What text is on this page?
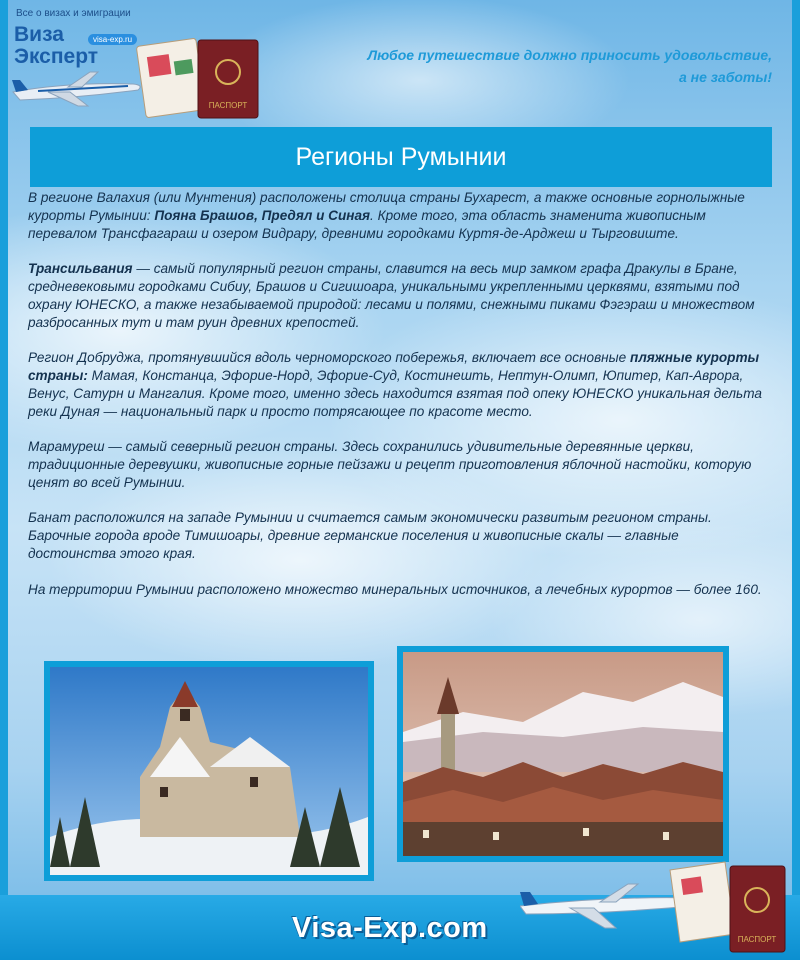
Все о визах и эмиграции
Виза
Эксперт
visa-exp.ru
ПАСПОРТ
Любое путешествие должно приносить удовольствие,
а не заботы!
Регионы Румынии

В регионе Валахия (или Мунтения) расположены столица страны Бухарест, а также основные горнолыжные курорты Румынии: Пояна Брашов, Предял и Синая. Кроме того, эта область знаменита живописным перевалом Трансфагараш и озером Видрару, древними городками Куртя-де-Арджеш и Тырговиште.

Трансильвания — самый популярный регион страны, славится на весь мир замком графа Дракулы в Бране, средневековыми городками Сибиу, Брашов и Сигишоара, уникальными укрепленными церквями, взятыми под охрану ЮНЕСКО, а также незабываемой природой: лесами и полями, снежными пиками Фэгэраш и множеством разбросанных тут и там руин древних крепостей.

Регион Добруджа, протянувшийся вдоль черноморского побережья, включает все основные пляжные курорты страны: Мамая, Констанца, Эфорие-Норд, Эфорие-Суд, Костинешть, Нептун-Олимп, Юпитер, Кап-Аврора, Венус, Сатурн и Мангалия. Кроме того, именно здесь находится взятая под опеку ЮНЕСКО уникальная дельта реки Дуная — национальный парк и просто потрясающее по красоте место.

Марамуреш — самый северный регион страны. Здесь сохранились удивительные деревянные церкви, традиционные деревушки, живописные горные пейзажи и рецепт приготовления яблочной настойки, которую ценят во всей Румынии.

Банат расположился на западе Румынии и считается самым экономически развитым регионом страны. Барочные города вроде Тимишоары, древние германские поселения и живописные скалы — главные достоинства этого края.

На территории Румынии расположено множество минеральных источников, а лечебных курортов — более 160.

Visa-Exp.com	ПАСПОРТ
